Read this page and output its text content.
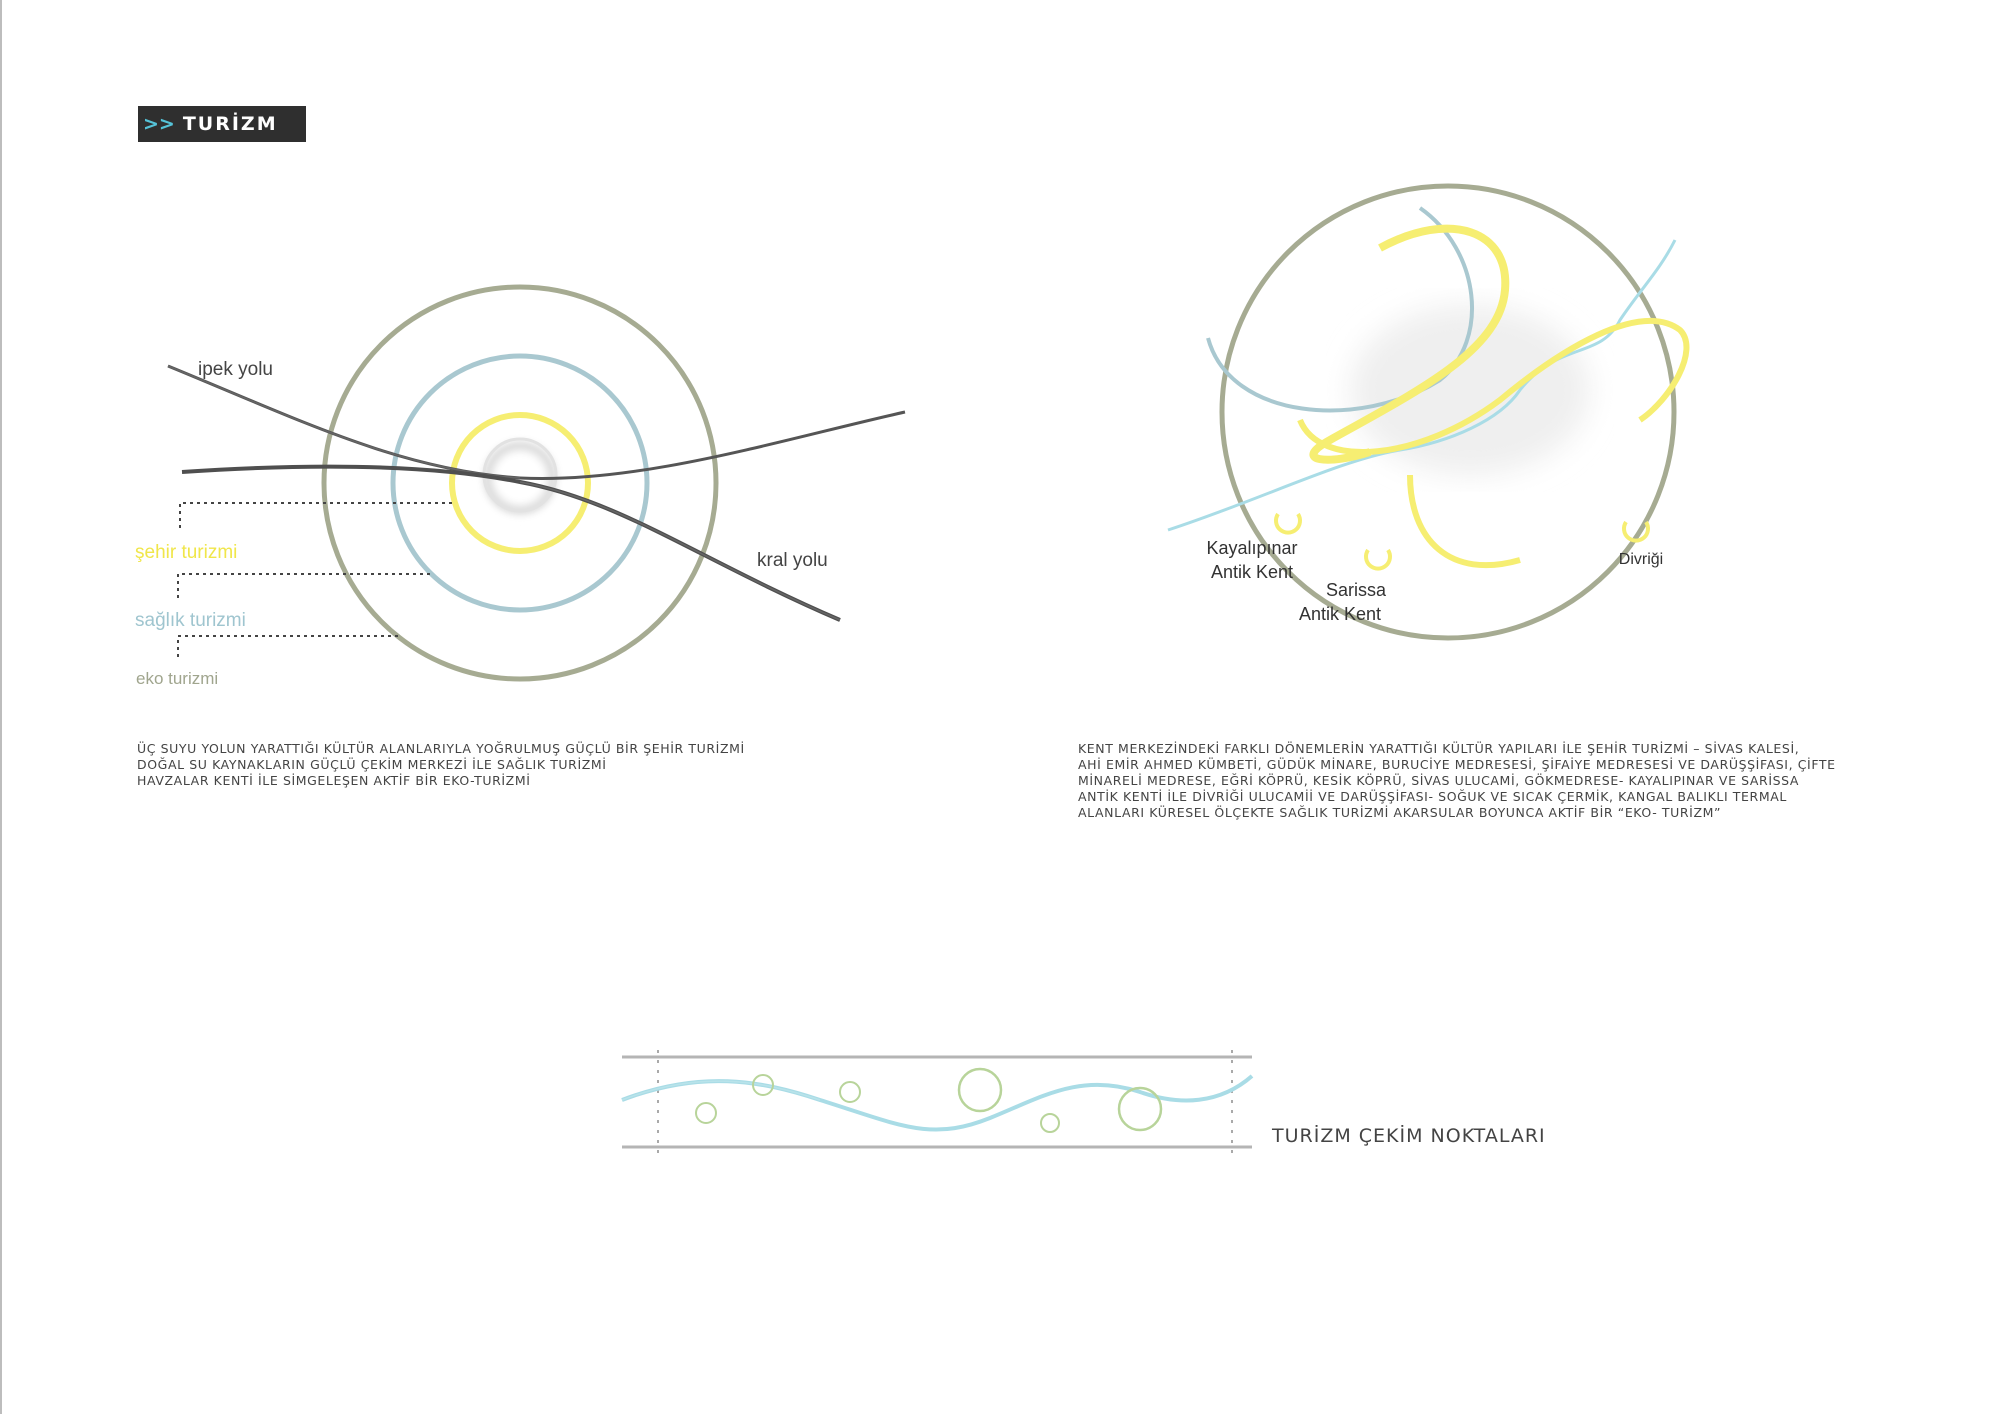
>> TURİZM
ipek yolu
kral yolu
şehir turizmi
sağlık turizmi
eko turizmi
ÜÇ SUYU YOLUN YARATTIĞI KÜLTÜR ALANLARIYLA YOĞRULMUŞ GÜÇLÜ BİR ŞEHİR TURİZMİ
DOĞAL SU KAYNAKLARIN GÜÇLÜ ÇEKİM MERKEZİ İLE SAĞLIK TURİZMİ
HAVZALAR KENTİ İLE SİMGELEŞEN AKTİF BİR EKO-TURİZMİ
Kayalıpınar
Antik Kent
Sarissa
Antik Kent
Divriği
KENT MERKEZİNDEKİ FARKLI DÖNEMLERİN YARATTIĞI KÜLTÜR YAPILARI İLE ŞEHİR TURİZMİ – SİVAS KALESİ,
AHİ EMİR AHMED KÜMBETİ, GÜDÜK MİNARE, BURUCİYE MEDRESESİ, ŞİFAİYE MEDRESESİ VE DARÜŞŞİFASI, ÇİFTE
MİNARELİ MEDRESE, EĞRİ KÖPRÜ, KESİK KÖPRÜ, SİVAS ULUCAMİ, GÖKMEDRESE- KAYALIPINAR VE SARİSSA
ANTİK KENTİ İLE DİVRİĞİ ULUCAMİİ VE DARÜŞŞİFASI- SOĞUK VE SICAK ÇERMİK, KANGAL BALIKLI TERMAL
ALANLARI KÜRESEL ÖLÇEKTE SAĞLIK TURİZMİ AKARSULAR BOYUNCA AKTİF BİR “EKO- TURİZM”
TURİZM ÇEKİM NOKTALARI
